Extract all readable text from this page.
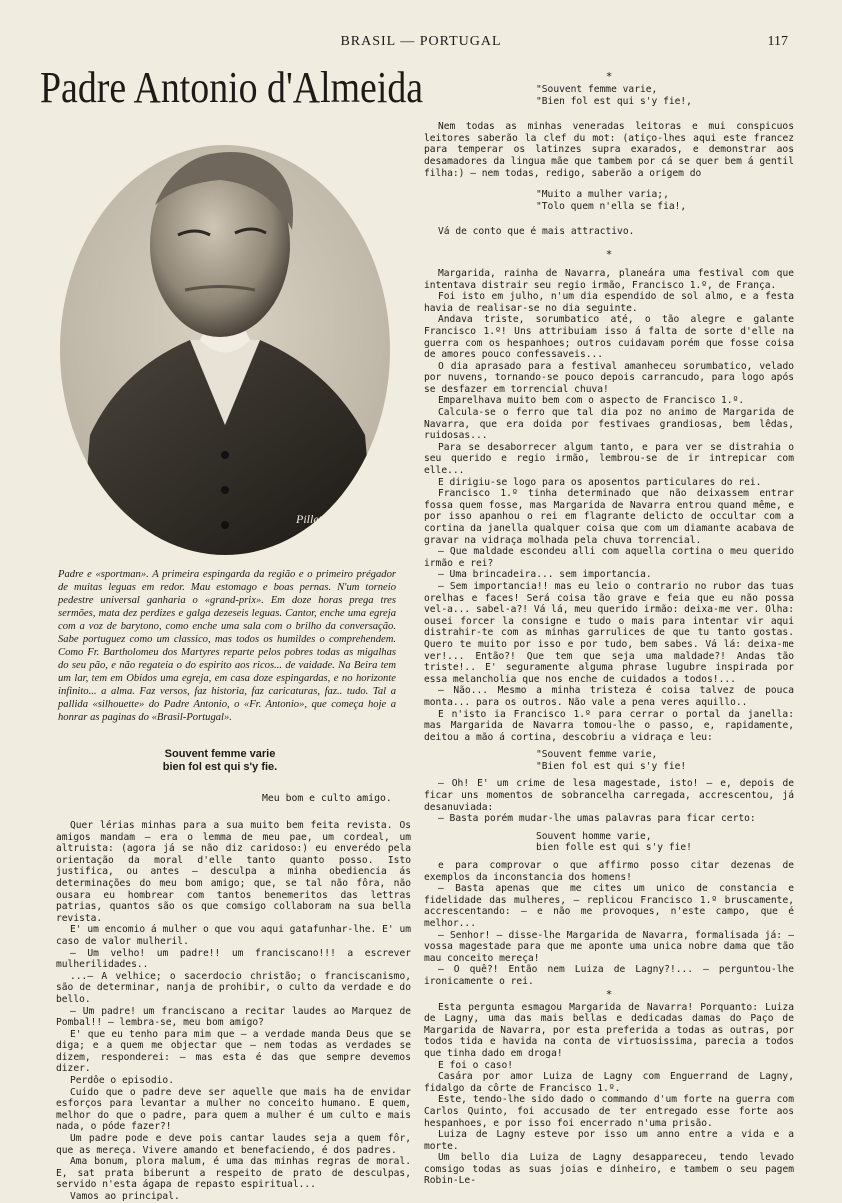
BRASIL — PORTUGAL	117
Padre Antonio d'Almeida
Pillet

Padre e «sportman». A primeira espingarda da região e o primeiro prégador de muitas leguas em redor. Mau estomago e boas pernas. N'um torneio pedestre universal ganharia o «grand-prix». Em doze horas prega tres sermões, mata dez perdizes e galga dezeseis leguas. Cantor, enche uma egreja com a voz de barytono, como enche uma sala com o brilho da conversação. Sabe portuguez como um classico, mas todos os humildes o comprehendem. Como Fr. Bartholomeu dos Martyres reparte pelos pobres todas as migalhas do seu pão, e não regateia o do espirito aos ricos... de vaidade. Na Beira tem um lar, tem em Obidos uma egreja, em casa doze espingardas, e no horizonte infinito... a alma. Faz versos, faz historia, faz caricaturas, faz.. tudo. Tal a pallida «silhouette» do Padre Antonio, o «Fr. Antonio», que começa hoje a honrar as paginas do «Brasil-Portugal».

Souvent femme varie
bien fol est qui s'y fie.
Meu bom e culto amigo.

Quer lérias minhas para a sua muito bem feita revista. Os amigos mandam — era o lemma de meu pae, um cordeal, um altruista: (agora já se não diz caridoso:) eu enverédo pela orientação da moral d'elle tanto quanto posso. Isto justifica, ou antes — desculpa a minha obediencia ás determinações do meu bom amigo; que, se tal não fôra, não ousara eu hombrear com tantos benemeritos das lettras patrias, quantos são os que comsigo collaboram na sua bella revista.

E' um encomio á mulher o que vou aqui gatafunhar-lhe. E' um caso de valor mulheril.

— Um velho! um padre!! um franciscano!!! a escrever mulherilidades..

...— A velhice; o sacerdocio christão; o franciscanismo, são de determinar, nanja de prohibir, o culto da verdade e do bello.

— Um padre! um franciscano a recitar laudes ao Marquez de Pombal!! — lembra-se, meu bom amigo?

E' que eu tenho para mim que — a verdade manda Deus que se diga; e a quem me objectar que — nem todas as verdades se dizem, responderei: — mas esta é das que sempre devemos dizer.

Perdôe o episodio.

Cuido que o padre deve ser aquelle que mais ha de envidar esforços para levantar a mulher no conceito humano. E quem, melhor do que o padre, para quem a mulher é um culto e mais nada, o póde fazer?!

Um padre pode e deve pois cantar laudes seja a quem fôr, que as mereça. Vivere amando et benefaciendo, é dos padres.

Ama bonum, plora malum, é uma das minhas regras de moral. E, sat prata biberunt a respeito de prato de desculpas, servido n'esta ágapa de repasto espiritual...

Vamos ao principal.

*
"Souvent femme varie,
"Bien fol est qui s'y fie!,

Nem todas as minhas veneradas leitoras e mui conspicuos leitores saberão la clef du mot: (atiço-lhes aqui este francez para temperar os latinzes supra exarados, e demonstrar aos desamadores da lingua mãe que tambem por cá se quer bem á gentil filha:) — nem todas, redigo, saberão a origem do

"Muito a mulher varia;,
"Tolo quem n'ella se fia!,

Vá de conto que é mais attractivo.

*

Margarida, rainha de Navarra, planeára uma festival com que intentava distrair seu regio irmão, Francisco 1.º, de França.

Foi isto em julho, n'um dia espendido de sol almo, e a festa havia de realisar-se no dia seguinte.

Andava triste, sorumbatico até, o tão alegre e galante Francisco 1.º! Uns attribuiam isso á falta de sorte d'elle na guerra com os hespanhoes; outros cuidavam porém que fosse coisa de amores pouco confessaveis...

O dia aprasado para a festival amanheceu sorumbatico, velado por nuvens, tornando-se pouco depois carrancudo, para logo após se desfazer em torrencial chuva!

Emparelhava muito bem com o aspecto de Francisco 1.º.

Calcula-se o ferro que tal dia poz no animo de Margarida de Navarra, que era doida por festivaes grandiosas, bem lêdas, ruidosas...

Para se desaborrecer algum tanto, e para ver se distrahia o seu querido e regio irmão, lembrou-se de ir intrepicar com elle...

E dirigiu-se logo para os aposentos particulares do rei.

Francisco 1.º tinha determinado que não deixassem entrar fossa quem fosse, mas Margarida de Navarra entrou quand même, e por isso apanhou o rei em flagrante delicto de occultar com a cortina da janella qualquer coisa que com um diamante acabava de gravar na vidraça molhada pela chuva torrencial.

— Que maldade escondeu alli com aquella cortina o meu querido irmão e rei?

— Uma brincadeira... sem importancia.

— Sem importancia!! mas eu leio o contrario no rubor das tuas orelhas e faces! Será coisa tão grave e feia que eu não possa vel-a... sabel-a?! Vá lá, meu querido irmão: deixa-me ver. Olha: ousei forcer la consigne e tudo o mais para intentar vir aqui distrahir-te com as minhas garrulices de que tu tanto gostas. Quero te muito por isso e por tudo, bem sabes. Vá lá: deixa-me ver!... Então?! Que tem que seja uma maldade?! Andas tão triste!.. E' seguramente alguma phrase lugubre inspirada por essa melancholia que nos enche de cuidados a todos!...

— Não... Mesmo a minha tristeza é coisa talvez de pouca monta... para os outros. Não vale a pena veres aquillo..

E n'isto ia Francisco 1.º para cerrar o portal da janella: mas Margarida de Navarra tomou-lhe o passo, e, rapidamente, deitou a mão á cortina, descobriu a vidraça e leu:

"Souvent femme varie,
"Bien fol est qui s'y fie!

— Oh! E' um crime de lesa magestade, isto! — e, depois de ficar uns momentos de sobrancelha carregada, accrescentou, já desanuviada:

— Basta porém mudar-lhe umas palavras para ficar certo:

Souvent homme varie,
bien folle est qui s'y fie!

e para comprovar o que affirmo posso citar dezenas de exemplos da inconstancia dos homens!

— Basta apenas que me cites um unico de constancia e fidelidade das mulheres, — replicou Francisco 1.º bruscamente, accrescentando: — e não me provoques, n'este campo, que é melhor...

— Senhor! — disse-lhe Margarida de Navarra, formalisada já: — vossa magestade para que me aponte uma unica nobre dama que tão mau conceito mereça!

— O quê?! Então nem Luiza de Lagny?!... — perguntou-lhe ironicamente o rei.

*

Esta pergunta esmagou Margarida de Navarra! Porquanto: Luiza de Lagny, uma das mais bellas e dedicadas damas do Paço de Margarida de Navarra, por esta preferida a todas as outras, por todos tida e havida na conta de virtuosissima, parecia a todos que tinha dado em droga!

E foi o caso!

Casára por amor Luiza de Lagny com Enguerrand de Lagny, fidalgo da côrte de Francisco 1.º.

Este, tendo-lhe sido dado o commando d'um forte na guerra com Carlos Quinto, foi accusado de ter entregado esse forte aos hespanhoes, e por isso foi encerrado n'uma prisão.

Luiza de Lagny esteve por isso um anno entre a vida e a morte.

Um bello dia Luiza de Lagny desappareceu, tendo levado comsigo todas as suas joias e dinheiro, e tambem o seu pagem Robin-Le-
